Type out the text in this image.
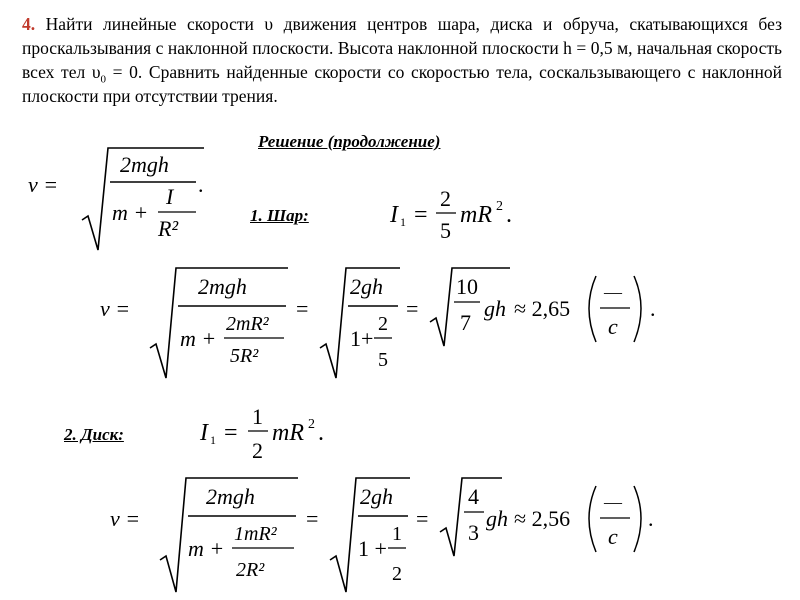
4. Найти линейные скорости υ движения центров шара, диска и обруча, скатывающихся без проскальзывания с наклонной плоскости. Высота наклонной плоскости h = 0,5 м, начальная скорость всех тел $\upsilon_0 = 0$. Сравнить найденные скорости со скоростью тела, соскальзывающего с наклонной плоскости при отсутствии трения.
Решение (продолжение)
v =
2mgh
m +
I
R²
.
1. Шар:	I 1 =
2
5
mR 2 .
v =
2mgh
m +
2mR²
5R²
=
2gh
1+
2
5
=
10
7
gh ≈ 2,65
—
с
.
2. Диск:	I 1 =
1
2
mR 2 .
v =
2mgh
m +
1mR²
2R²
=
2gh
1 +
1
2
=
4
3
gh ≈ 2,56
—
с
.
